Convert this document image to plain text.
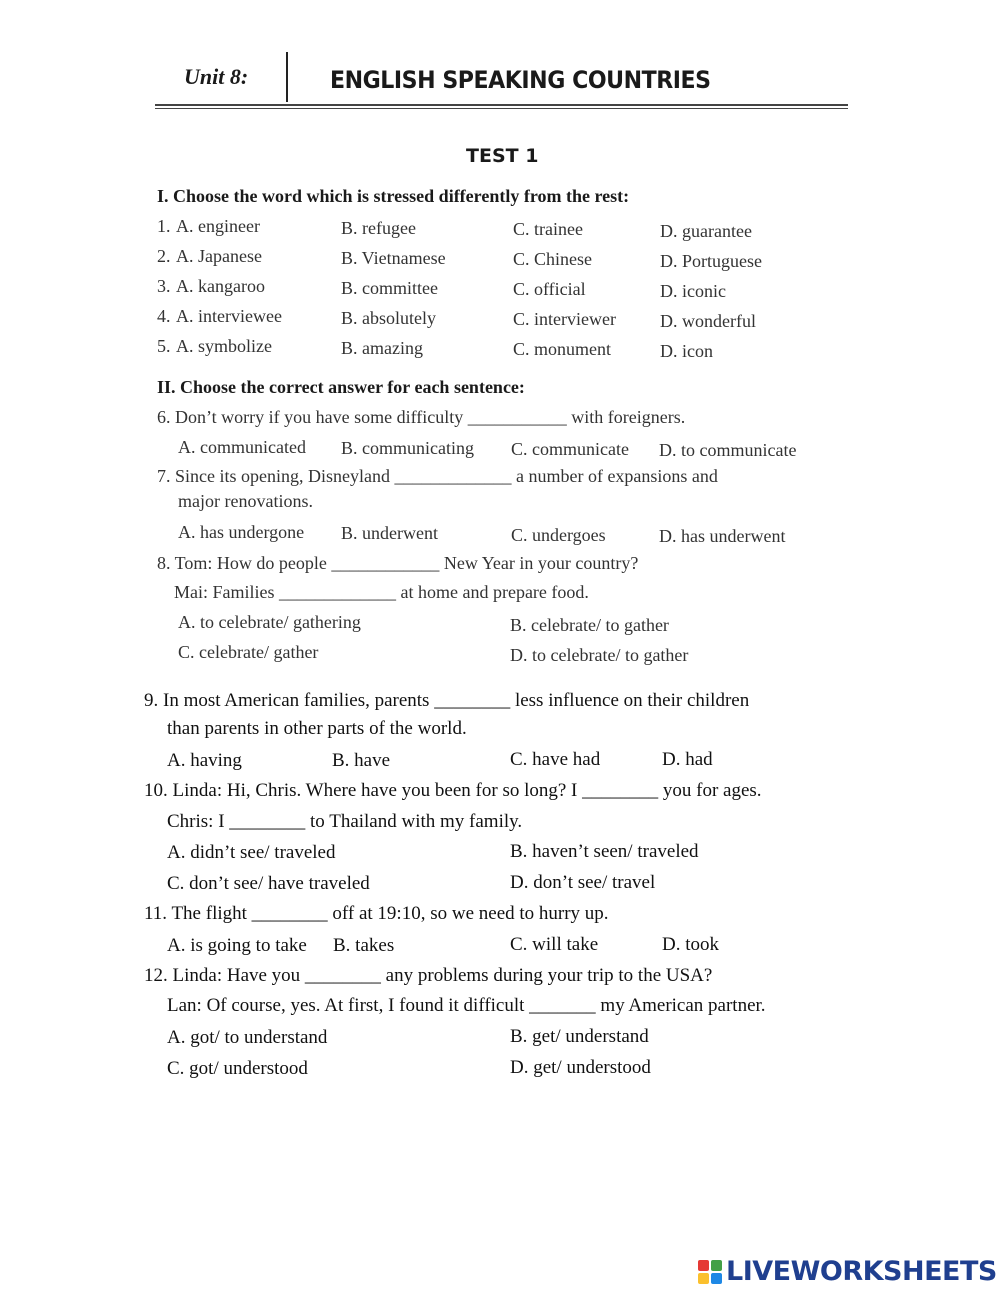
Unit 8:	ENGLISH SPEAKING COUNTRIES
TEST 1
I. Choose the word which is stressed differently from the rest:
1. A. engineer	B. refugee	C. trainee	D. guarantee
2. A. Japanese	B. Vietnamese	C. Chinese	D. Portuguese
3. A. kangaroo	B. committee	C. official	D. iconic
4. A. interviewee	B. absolutely	C. interviewer D. wonderful
5. A. symbolize	B. amazing	C. monument	D. icon
II. Choose the correct answer for each sentence:
6. Don’t worry if you have some difficulty ___________ with foreigners.
A. communicated B. communicating C. communicate D. to communicate
7. Since its opening, Disneyland _____________ a number of expansions and
major renovations.
A. has undergone B. underwent	C. undergoes	D. has underwent
8. Tom: How do people ____________ New Year in your country?
Mai: Families _____________ at home and prepare food.
A. to celebrate/ gathering	B. celebrate/ to gather
C. celebrate/ gather	D. to celebrate/ to gather
9. In most American families, parents ________ less influence on their children
than parents in other parts of the world.
A. having	B. have	C. have had	D. had
10. Linda: Hi, Chris. Where have you been for so long? I ________ you for ages.
Chris: I ________ to Thailand with my family.
A. didn’t see/ traveled	B. haven’t seen/ traveled
C. don’t see/ have traveled	D. don’t see/ travel
11. The flight ________ off at 19:10, so we need to hurry up.
A. is going to take B. takes	C. will take	D. took
12. Linda: Have you ________ any problems during your trip to the USA?
Lan: Of course, yes. At first, I found it difficult _______ my American partner.
A. got/ to understand	B. get/ understand
C. got/ understood	D. get/ understood
LIVEWORKSHEETS
